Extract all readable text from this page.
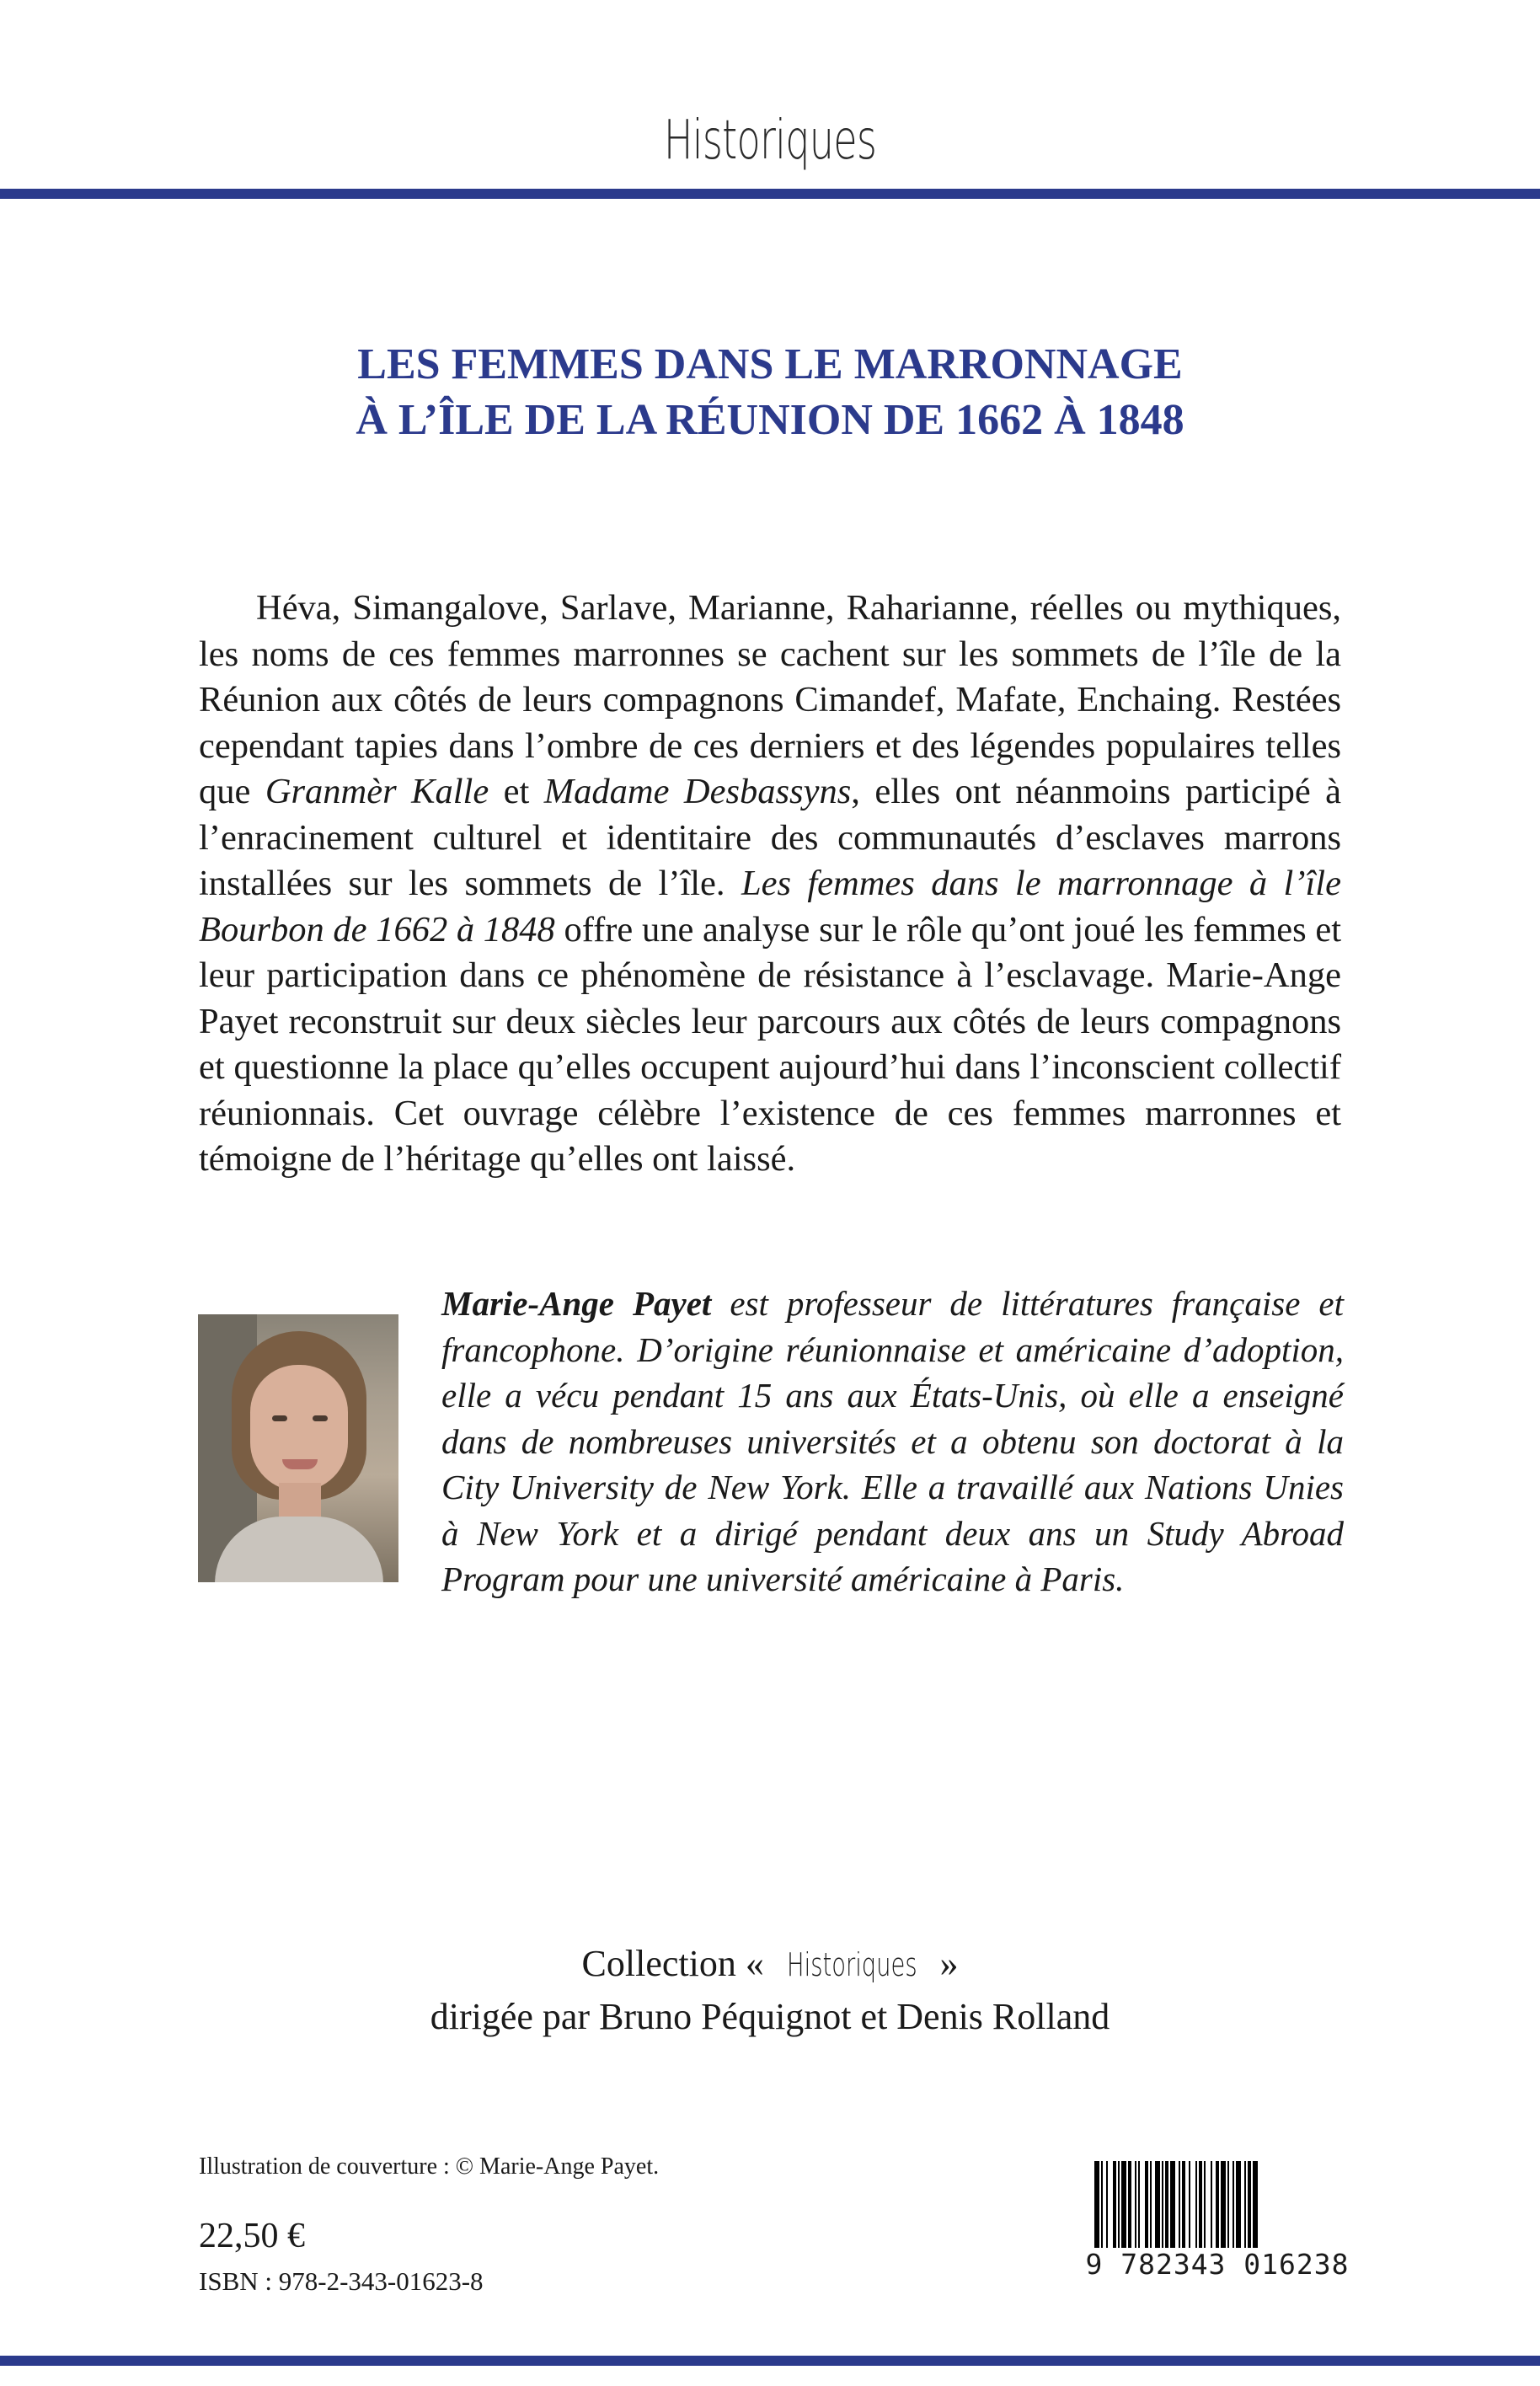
Historiques
LES FEMMES DANS LE MARRONNAGE
À L’ÎLE DE LA RÉUNION DE 1662 À 1848
Héva, Simangalove, Sarlave, Marianne, Raharianne, réelles ou mythiques, les noms de ces femmes marronnes se cachent sur les sommets de l’île de la Réunion aux côtés de leurs compagnons Cimandef, Mafate, Enchaing. Restées cependant tapies dans l’ombre de ces derniers et des légendes populaires telles que Granmèr Kalle et Madame Desbassyns, elles ont néanmoins participé à l’enracinement culturel et identitaire des communautés d’esclaves marrons installées sur les sommets de l’île. Les femmes dans le marronnage à l’île Bourbon de 1662 à 1848 offre une analyse sur le rôle qu’ont joué les femmes et leur participation dans ce phénomène de résistance à l’esclavage. Marie-Ange Payet reconstruit sur deux siècles leur parcours aux côtés de leurs compagnons et questionne la place qu’elles occupent aujourd’hui dans l’inconscient collectif réunionnais. Cet ouvrage célèbre l’existence de ces femmes marronnes et témoigne de l’héritage qu’elles ont laissé.
Marie-Ange Payet est professeur de littératures française et francophone. D’origine réunionnaise et américaine d’adoption, elle a vécu pendant 15 ans aux États-Unis, où elle a enseigné dans de nombreuses universités et a obtenu son doctorat à la City University de New York. Elle a travaillé aux Nations Unies à New York et a dirigé pendant deux ans un Study Abroad Program pour une université américaine à Paris.
Collection « Historiques »
dirigée par Bruno Péquignot et Denis Rolland
Illustration de couverture : © Marie-Ange Payet.
22,50 €
ISBN : 978-2-343-01623-8
9 782343 016238
